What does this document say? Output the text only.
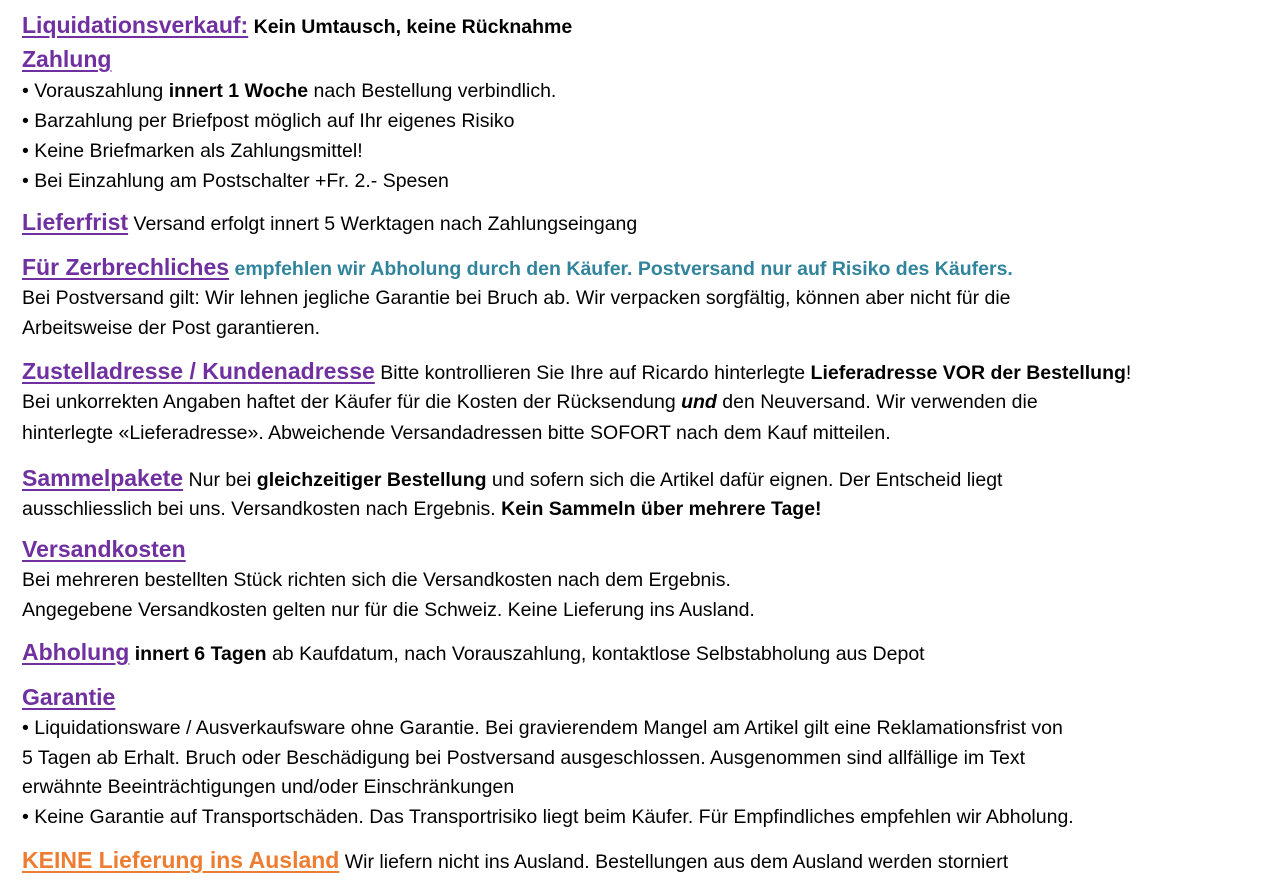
Liquidationsverkauf: Kein Umtausch, keine Rücknahme
Zahlung
• Vorauszahlung innert 1 Woche nach Bestellung verbindlich.
• Barzahlung per Briefpost möglich auf Ihr eigenes Risiko
• Keine Briefmarken als Zahlungsmittel!
• Bei Einzahlung am Postschalter +Fr. 2.- Spesen
Lieferfrist Versand erfolgt innert 5 Werktagen nach Zahlungseingang
Für Zerbrechliches empfehlen wir Abholung durch den Käufer. Postversand nur auf Risiko des Käufers.
Bei Postversand gilt: Wir lehnen jegliche Garantie bei Bruch ab. Wir verpacken sorgfältig, können aber nicht für die
Arbeitsweise der Post garantieren.
Zustelladresse / Kundenadresse Bitte kontrollieren Sie Ihre auf Ricardo hinterlegte Lieferadresse VOR der Bestellung!
Bei unkorrekten Angaben haftet der Käufer für die Kosten der Rücksendung und den Neuversand. Wir verwenden die
hinterlegte «Lieferadresse». Abweichende Versandadressen bitte SOFORT nach dem Kauf mitteilen.
Sammelpakete Nur bei gleichzeitiger Bestellung und sofern sich die Artikel dafür eignen. Der Entscheid liegt
ausschliesslich bei uns. Versandkosten nach Ergebnis. Kein Sammeln über mehrere Tage!
Versandkosten
Bei mehreren bestellten Stück richten sich die Versandkosten nach dem Ergebnis.
Angegebene Versandkosten gelten nur für die Schweiz. Keine Lieferung ins Ausland.
Abholung innert 6 Tagen ab Kaufdatum, nach Vorauszahlung, kontaktlose Selbstabholung aus Depot
Garantie
• Liquidationsware / Ausverkaufsware ohne Garantie. Bei gravierendem Mangel am Artikel gilt eine Reklamationsfrist von
5 Tagen ab Erhalt. Bruch oder Beschädigung bei Postversand ausgeschlossen. Ausgenommen sind allfällige im Text
erwähnte Beeinträchtigungen und/oder Einschränkungen
• Keine Garantie auf Transportschäden. Das Transportrisiko liegt beim Käufer. Für Empfindliches empfehlen wir Abholung.
KEINE Lieferung ins Ausland Wir liefern nicht ins Ausland. Bestellungen aus dem Ausland werden storniert
